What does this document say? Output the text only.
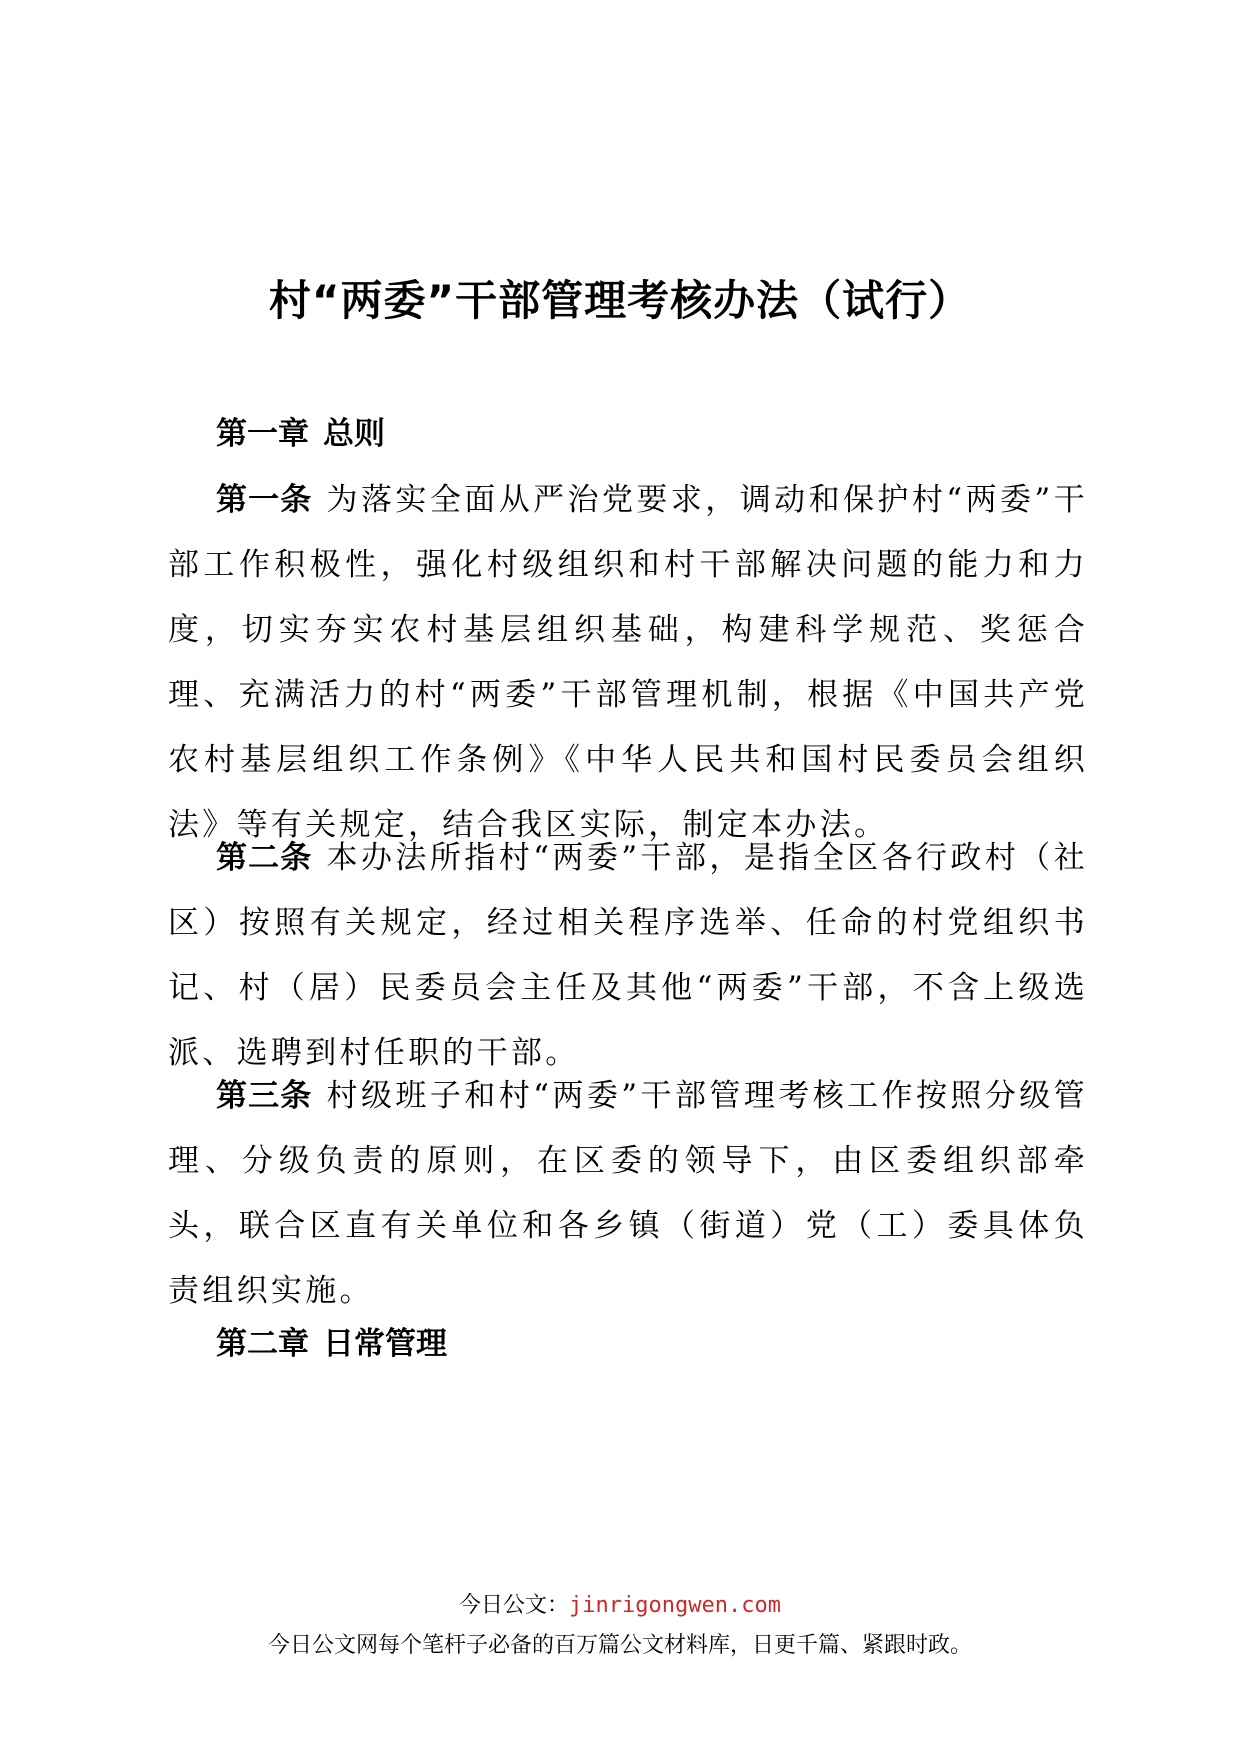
村“两委”干部管理考核办法（试行）
第一章 总则

第一条 为落实全面从严治党要求，调动和保护村“两委”干部工作积极性，强化村级组织和村干部解决问题的能力和力度，切实夯实农村基层组织基础，构建科学规范、奖惩合理、充满活力的村“两委”干部管理机制，根据《中国共产党农村基层组织工作条例》《中华人民共和国村民委员会组织法》等有关规定，结合我区实际，制定本办法。

第二条 本办法所指村“两委”干部，是指全区各行政村（社区）按照有关规定，经过相关程序选举、任命的村党组织书记、村（居）民委员会主任及其他“两委”干部，不含上级选派、选聘到村任职的干部。

第三条 村级班子和村“两委”干部管理考核工作按照分级管理、分级负责的原则，在区委的领导下，由区委组织部牵头，联合区直有关单位和各乡镇（街道）党（工）委具体负责组织实施。

第二章 日常管理

今日公文：jinrigongwen.com

今日公文网每个笔杆子必备的百万篇公文材料库，日更千篇、紧跟时政。
